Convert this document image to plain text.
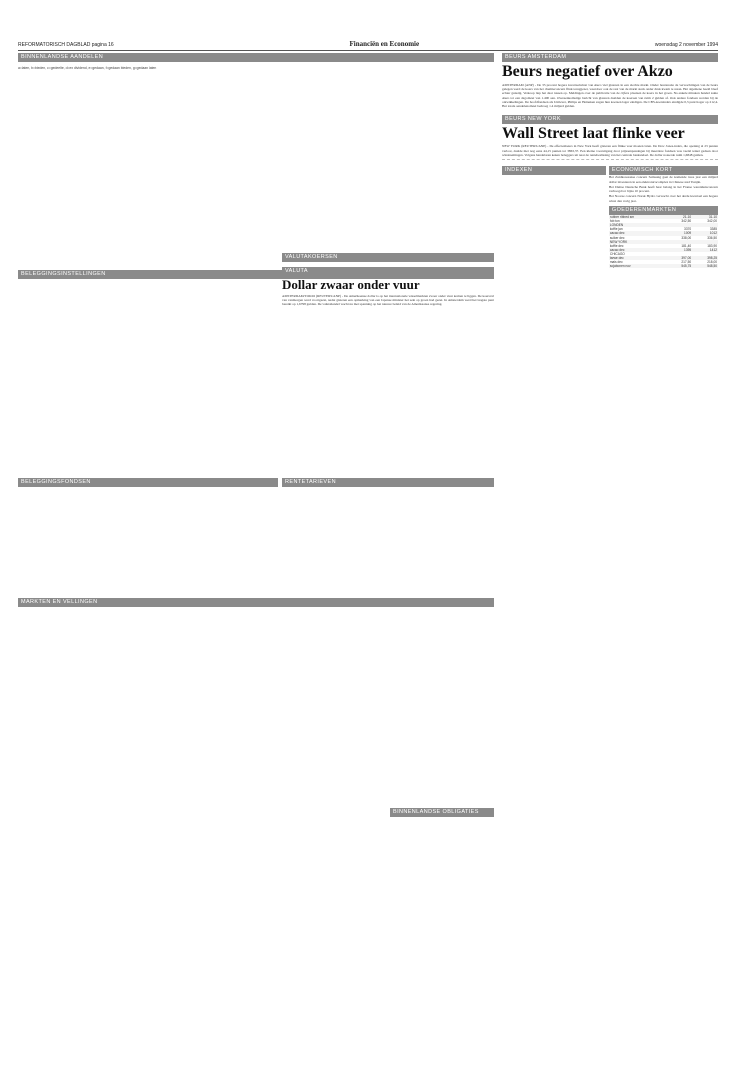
REFORMATORISCH DAGBLAD pagina 16	Financiën en Economie	woensdag 2 november 1994
BINNENLANDSE AANDELEN
a=laten, b=bieden, c=gedeelte, d=ex dividend, e=gedaan, f=gedaan bieden, g=gedaan laten
BELEGGINGSINSTELLINGEN
BELEGGINGSFONDSEN	RENTETARIEVEN
VALUTAKOERSEN
VALUTA
Dollar zwaar onder vuur
AMSTERDAM/TOKIO (REUTERS/ANP) - De Amerikaanse dollar is op het internationale wisselmarkten zwaar onder vuur komen te liggen. De koersval van vanmorgen werd voortgezet, nadat gisteren een opmerking van een Japanse minister het sein op groen had gezet. In Amsterdam werd het laagste punt bereikt op 1,6798 gulden. De valutahandel wacht nu met spanning op het nieuwe beleid van de Amerikaanse regering.
MARKTEN EN VELLINGEN
BINNENLANDSE OBLIGATIES
BEURS AMSTERDAM
Beurs negatief over Akzo
AMSTERDAM (ANP) - De 35 procent hogere kwartaalwinst van Akzo viel gisteren in een slechte markt. Onder beursnotie de verwachtingen van de beurs gelegen werd de koers van het chemieconcern flink teruggezet, waardoor ook de rest van de markt sterk onder druk kwam te staan. Het algemene beeld bleef echter gunstig. Verkoop liep het daar tussen op. Meldingen over de publicatie van de cijfers plaatsen de koers in het groen. Na enkele minuten handel zakte Akzo tot een dagomzet van 1.400 aan. Overeenkomstige bericht van gisteren daalden de koersen van ruim 2 gulden af. Ook andere fondsen werden bij de ontwikkelingen. De hoofdfondsen als Unilever, Philips en Heineken zagen hun koersen lager eindigen. De CBS-koersindex eindigde 0,3 punt hoger op 212,4. Het totale aandelenomzet bedroeg 1.4 miljard gulden.
BEURS NEW YORK
Wall Street laat flinke veer
NEW YORK (REUTERS/ANP) - De effectenbeurs in New York heeft gisteren een flinke veer moeten laten. De Dow Jones-index, die opening al 23 punten verloor, daalde met nog eens 44,15 punten tot 3863,37. Een kleine vooruitgang door prijsaanpassingen bij meerdere fondsen was veelal teniet gedaan door winstnemingen. Volgens handelaren keken beleggers uit naar de rentebeslissing van het centrale bankstelsel. De dollar noteerde ruim 1,6848 gulden.
INDEXEN	ECONOMISCH KORT

Het Zuidkoreaanse concern Samsung gaat de komende twee jaar een miljard dollar investeren in een elektronicacomplex in Chinese stad Tianjin.

Het Duitse Deutsche Bank heeft haar belang in het Franse warenhuisconcern verhoogd tot bijna 10 procent.

Het Noorse concern Norsk Hydro verwacht over het derde kwartaal een hogere winst dan vorig jaar.

GOEDERENMARKTEN
rubber ribbed sm	21-10	31-10
fob ton	342,50	342,00
LONDEN		
koffie jan	3370	3385
cacao dec	1009	1012
suiker dec	338,00	336,50
NEW YORK		
koffie dec	181,40	183,90
cacao dec	1395	1412
CHICAGO		
tarwe dec	397,00	398,25
mais dec	217,50	218,00
sojabonen nov	545,75	548,50
